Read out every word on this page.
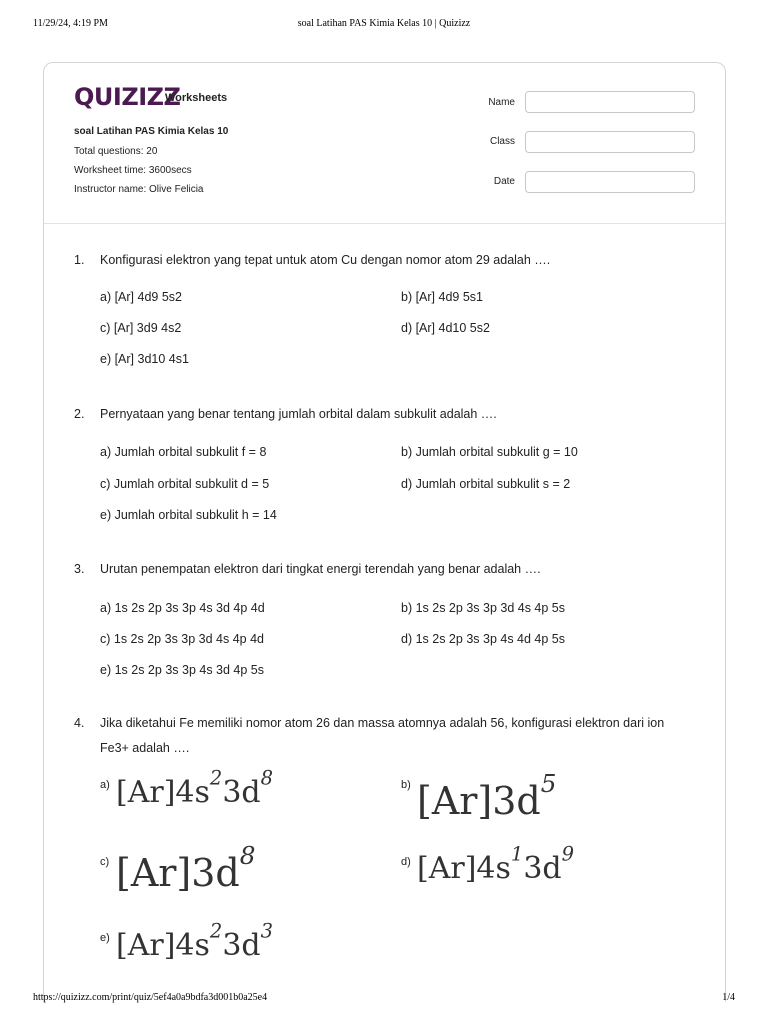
11/29/24, 4:19 PM	soal Latihan PAS Kimia Kelas 10 | Quizizz
QUIZIZZ
Worksheets
soal Latihan PAS Kimia Kelas 10
Total questions: 20
Worksheet time: 3600secs
Instructor name: Olive Felicia
Name
Class
Date
1. Konfigurasi elektron yang tepat untuk atom Cu dengan nomor atom 29 adalah ….
a) [Ar] 4d9 5s2	b) [Ar] 4d9 5s1
c) [Ar] 3d9 4s2	d) [Ar] 4d10 5s2
e) [Ar] 3d10 4s1
2. Pernyataan yang benar tentang jumlah orbital dalam subkulit adalah ….
a) Jumlah orbital subkulit f = 8	b) Jumlah orbital subkulit g = 10
c) Jumlah orbital subkulit d = 5	d) Jumlah orbital subkulit s = 2
e) Jumlah orbital subkulit h = 14
3. Urutan penempatan elektron dari tingkat energi terendah yang benar adalah ….
a) 1s 2s 2p 3s 3p 4s 3d 4p 4d	b) 1s 2s 2p 3s 3p 3d 4s 4p 5s
c) 1s 2s 2p 3s 3p 3d 4s 4p 4d	d) 1s 2s 2p 3s 3p 4s 4d 4p 5s
e) 1s 2s 2p 3s 3p 4s 3d 4p 5s
4. Jika diketahui Fe memiliki nomor atom 26 dan massa atomnya adalah 56, konfigurasi elektron dari ion Fe3+ adalah ….
a) $[Ar]4s^23d^8$	b) $[Ar]3d^5$
c) $[Ar]3d^8$	d) $[Ar]4s^13d^9$
e) $[Ar]4s^23d^3$
https://quizizz.com/print/quiz/5ef4a0a9bdfa3d001b0a25e4	1/4
